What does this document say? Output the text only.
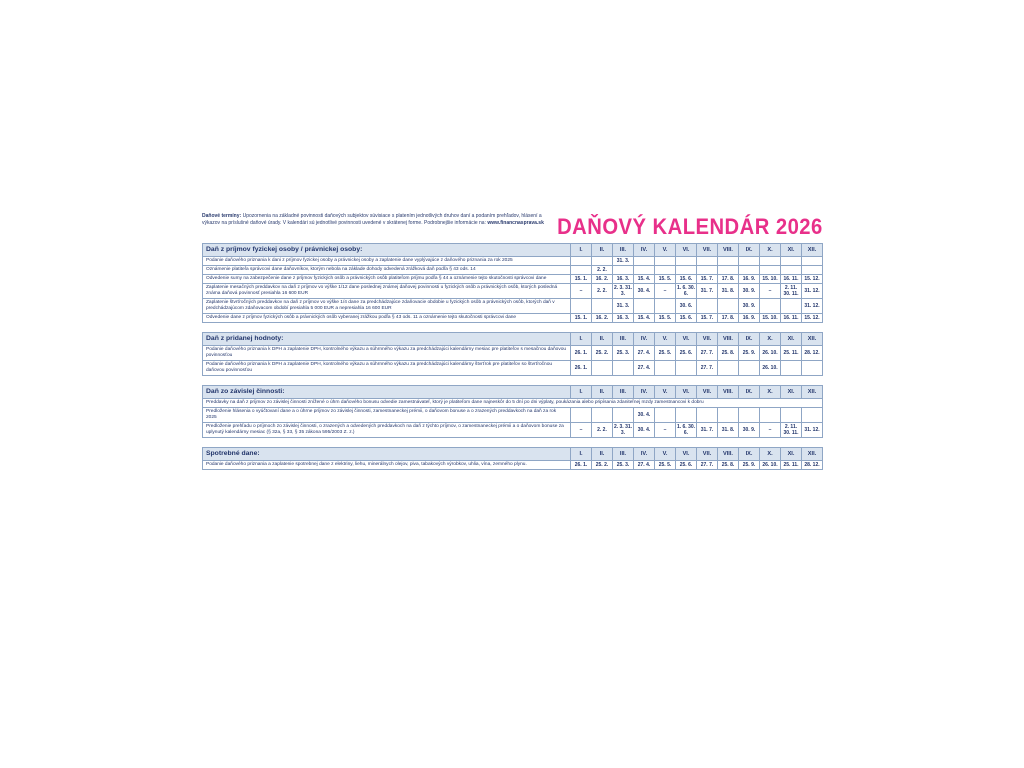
Daňové termíny: Upozornenia na základné povinnosti daňových subjektov súvisiace s platením jednotlivých druhov daní a podaním prehľadov, hlásení a výkazov na príslušné daňové úrady. V kalendári sú jednotlivé povinnosti uvedené v skrátenej forme. Podrobnejšie informácie na: www.financnasprava.sk DAŇOVÝ KALENDÁR 2026
Daň z príjmov fyzickej osoby / právnickej osoby:	I.	II.	III.	IV.	V.	VI.	VII.	VIII.	IX.	X.	XI.	XII.
Podanie daňového priznania k dani z príjmov fyzickej osoby a právnickej osoby a zaplatenie dane vyplývajúce z daňového priznania za rok 2025			31. 3.									
Oznámenie platiteľa správcovi dane daňovníkov, ktorým nebola na základe dohody odvedená zrážková daň podľa § 43 ods. 14		2. 2.										
Odvedenie sumy na zabezpečenie dane z príjmov fyzických osôb a právnických osôb platiteľom príjmu podľa § 44 a oznámenie tejto skutočnosti správcovi dane	15. 1.	16. 2.	16. 3.	15. 4.	15. 5.	15. 6.	15. 7.	17. 8.	16. 9.	15. 10.	16. 11.	15. 12.
Zaplatenie mesačných preddavkov na daň z príjmov vo výške 1/12 dane poslednej známej daňovej povinnosti u fyzických osôb a právnických osôb, ktorých posledná známa daňová povinnosť presiahla 16 600 EUR	–	2. 2.	2. 3. 31. 3.	30. 4.	–	1. 6. 30. 6.	31. 7.	31. 8.	30. 9.	–	2. 11. 30. 11.	31. 12.
Zaplatenie štvrťročných preddavkov na daň z príjmov vo výške 1/4 dane za predchádzajúce zdaňovacie obdobie u fyzických osôb a právnických osôb, ktorých daň v predchádzajúcom zdaňovacom období presiahla 5 000 EUR a nepresiahla 16 600 EUR			31. 3.			30. 6.			30. 9.			31. 12.
Odvedenie dane z príjmov fyzických osôb a právnických osôb vyberanej zrážkou podľa § 43 ods. 11 a oznámenie tejto skutočnosti správcovi dane	15. 1.	16. 2.	16. 3.	15. 4.	15. 5.	15. 6.	15. 7.	17. 8.	16. 9.	15. 10.	16. 11.	15. 12.
Daň z pridanej hodnoty:	I.	II.	III.	IV.	V.	VI.	VII.	VIII.	IX.	X.	XI.	XII.
Podanie daňového priznania k DPH a zaplatenie DPH, kontrolného výkazu a súhrnného výkazu za predchádzajúci kalendárny mesiac pre platiteľov s mesačnou daňovou povinnosťou	26. 1.	25. 2.	25. 3.	27. 4.	25. 5.	25. 6.	27. 7.	25. 8.	25. 9.	26. 10.	25. 11.	28. 12.
Podanie daňového priznania k DPH a zaplatenie DPH, kontrolného výkazu a súhrnného výkazu za predchádzajúci kalendárny štvrťrok pre platiteľov so štvrťročnou daňovou povinnosťou	26. 1.			27. 4.			27. 7.			26. 10.		
Daň zo závislej činnosti:	I.	II.	III.	IV.	V.	VI.	VII.	VIII.	IX.	X.	XI.	XII.
Preddavky na daň z príjmov zo závislej činnosti znížené o úhrn daňového bonusu odvedie zamestnávateľ, ktorý je platiteľom dane najneskôr do 5 dní po dni výplaty, poukázania alebo pripísania zdaniteľnej mzdy zamestnancovi k dobru												
Predloženie hlásenia o vyúčtovaní dane a o úhrne príjmov zo závislej činnosti, zamestnaneckej prémii, o daňovom bonuse a o zrazených preddavkoch na daň za rok 2025				30. 4.								
Predloženie prehľadu o príjmoch zo závislej činnosti, o zrazených a odvedených preddavkoch na daň z týchto príjmov, o zamestnaneckej prémii a o daňovom bonuse za uplynutý kalendárny mesiac (§ 32a, § 33, § 35 zákona 595/2003 Z. z.)	–	2. 2.	2. 3. 31. 3.	30. 4.	–	1. 6. 30. 6.	31. 7.	31. 8.	30. 9.	–	2. 11. 30. 11.	31. 12.
Spotrebné dane:	I.	II.	III.	IV.	V.	VI.	VII.	VIII.	IX.	X.	XI.	XII.
Podanie daňového priznania a zaplatenie spotrebnej dane z elektriny, liehu, minerálnych olejov, piva, tabakových výrobkov, uhlia, vína, zemného plynu.	26. 1.	25. 2.	25. 3.	27. 4.	25. 5.	25. 6.	27. 7.	25. 8.	25. 9.	26. 10.	25. 11.	28. 12.
